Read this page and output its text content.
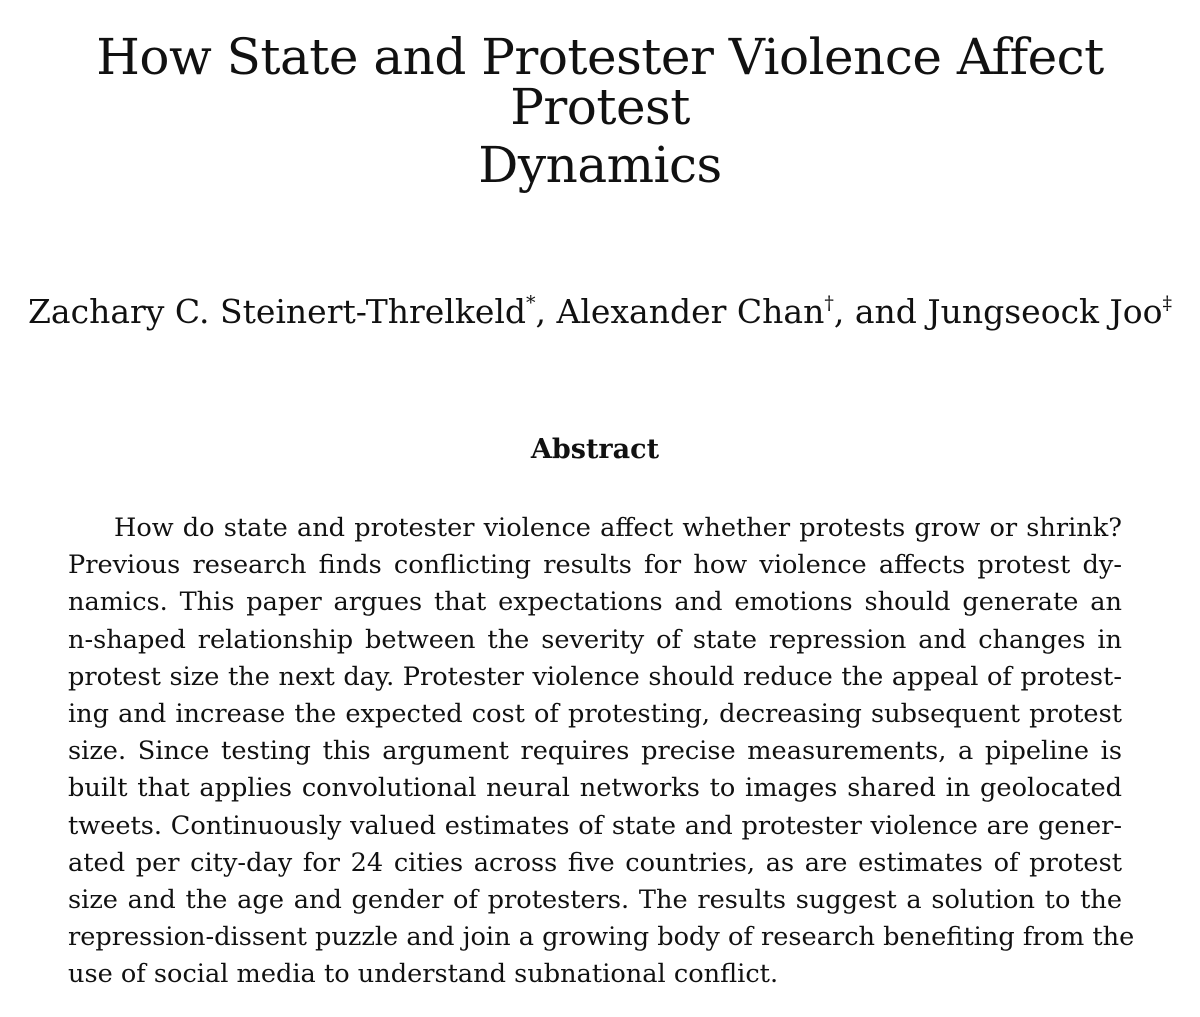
How State and Protester Violence Affect Protest
Dynamics
Zachary C. Steinert-Threlkeld*, Alexander Chan†, and Jungseock Joo‡
Abstract
How do state and protester violence affect whether protests grow or shrink?
Previous research finds conflicting results for how violence affects protest dy-
namics. This paper argues that expectations and emotions should generate an
n-shaped relationship between the severity of state repression and changes in
protest size the next day. Protester violence should reduce the appeal of protest-
ing and increase the expected cost of protesting, decreasing subsequent protest
size. Since testing this argument requires precise measurements, a pipeline is
built that applies convolutional neural networks to images shared in geolocated
tweets. Continuously valued estimates of state and protester violence are gener-
ated per city-day for 24 cities across five countries, as are estimates of protest
size and the age and gender of protesters. The results suggest a solution to the
repression-dissent puzzle and join a growing body of research benefiting from the
use of social media to understand subnational conflict.
